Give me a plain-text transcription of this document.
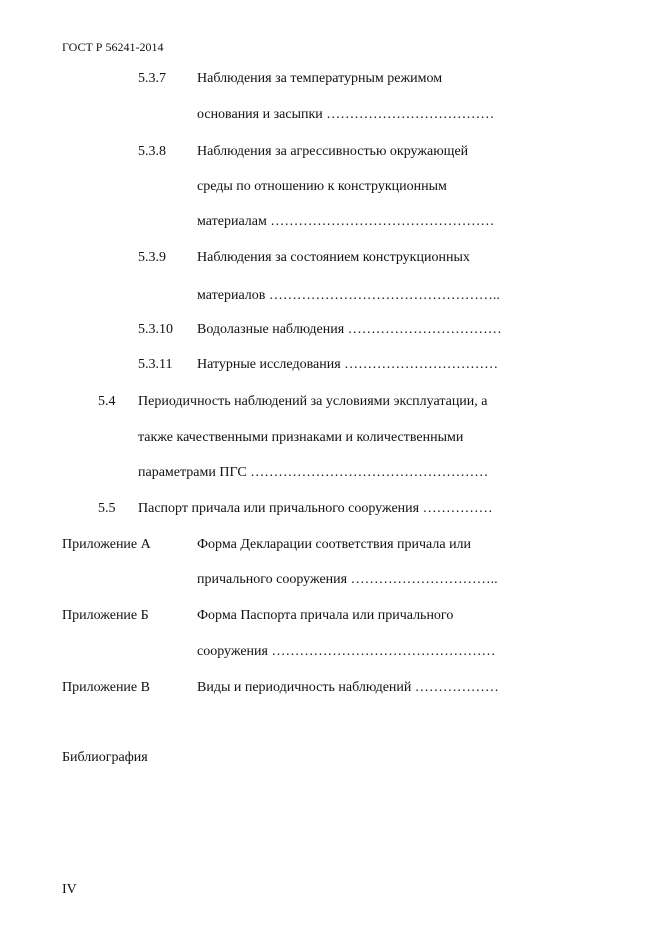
ГОСТ Р 56241-2014
5.3.7 Наблюдения за температурным режимом
основания и засыпки ………………………………
5.3.8 Наблюдения за агрессивностью окружающей
среды по отношению к конструкционным
материалам …………………………………………
5.3.9 Наблюдения за состоянием конструкционных
материалов …………………………………………..
5.3.10 Водолазные наблюдения ……………………………
5.3.11 Натурные исследования ……………………………
5.4 Периодичность наблюдений за условиями эксплуатации, а
также качественными признаками и количественными
параметрами ПГС ……………………………………………
5.5 Паспорт причала или причального сооружения ……………
Приложение А	Форма Декларации соответствия причала или
причального сооружения …………………………..
Приложение Б	Форма Паспорта причала или причального
сооружения …………………………………………
Приложение В	Виды и периодичность наблюдений ………………
Библиография
IV
